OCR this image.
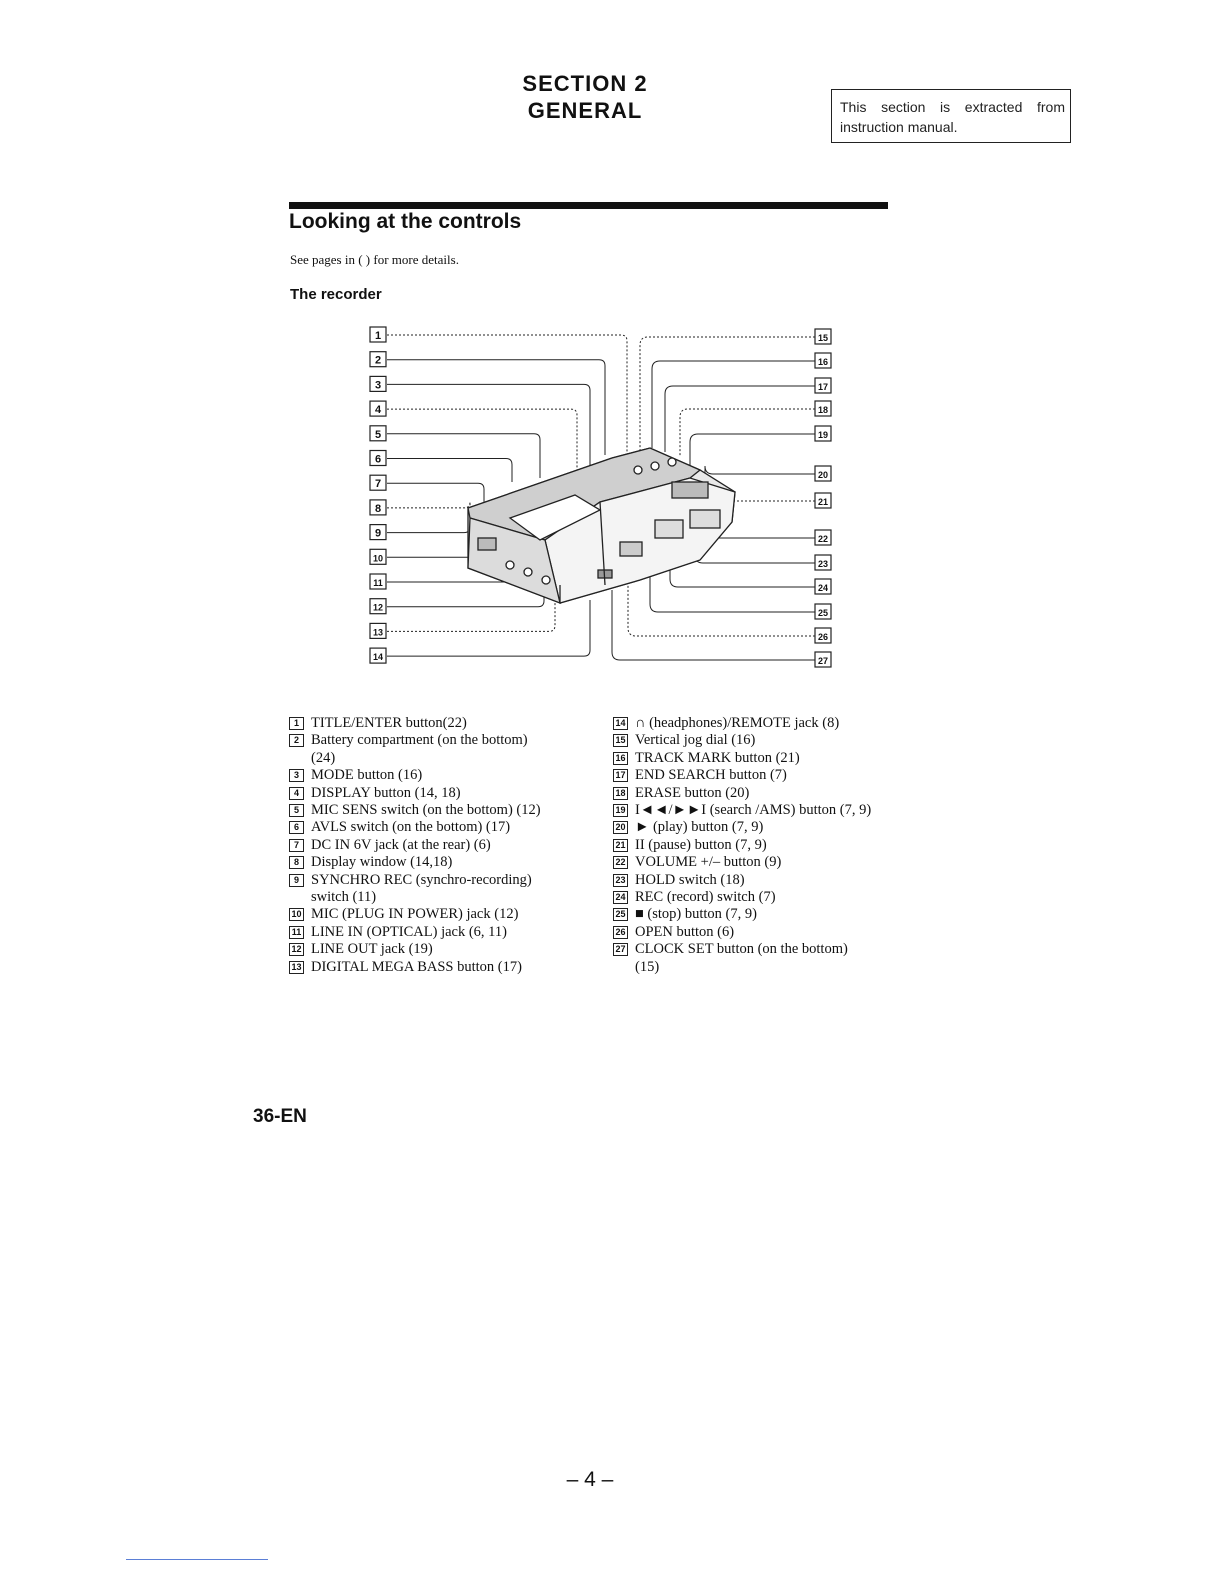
SECTION 2
GENERAL	This section is extracted from
instruction manual.
Looking at the controls
See pages in ( ) for more details.
The recorder
1
2
3
4
5
6
7
8
9
10
11
12
13
14
15
16
17
18
19
20
21
22
23
24
25
26
27
1 TITLE/ENTER button(22)
2 Battery compartment (on the bottom)
(24)
3 MODE button (16)
4 DISPLAY button (14, 18)
5 MIC SENS switch (on the bottom) (12)
6 AVLS switch (on the bottom) (17)
7 DC IN 6V jack (at the rear) (6)
8 Display window (14,18)
9 SYNCHRO REC (synchro-recording)
switch (11)
10 MIC (PLUG IN POWER) jack (12)
11 LINE IN (OPTICAL) jack (6, 11)
12 LINE OUT jack (19)
13 DIGITAL MEGA BASS button (17)
14 ∩ (headphones)/REMOTE jack (8)
15 Vertical jog dial (16)
16 TRACK MARK button (21)
17 END SEARCH button (7)
18 ERASE button (20)
19 I◄◄/►►I (search /AMS) button (7, 9)
20 ► (play) button (7, 9)
21 II (pause) button (7, 9)
22 VOLUME +/– button (9)
23 HOLD switch (18)
24 REC (record) switch (7)
25 ■ (stop) button (7, 9)
26 OPEN button (6)
27 CLOCK SET button (on the bottom)
(15)
36-EN
– 4 –
